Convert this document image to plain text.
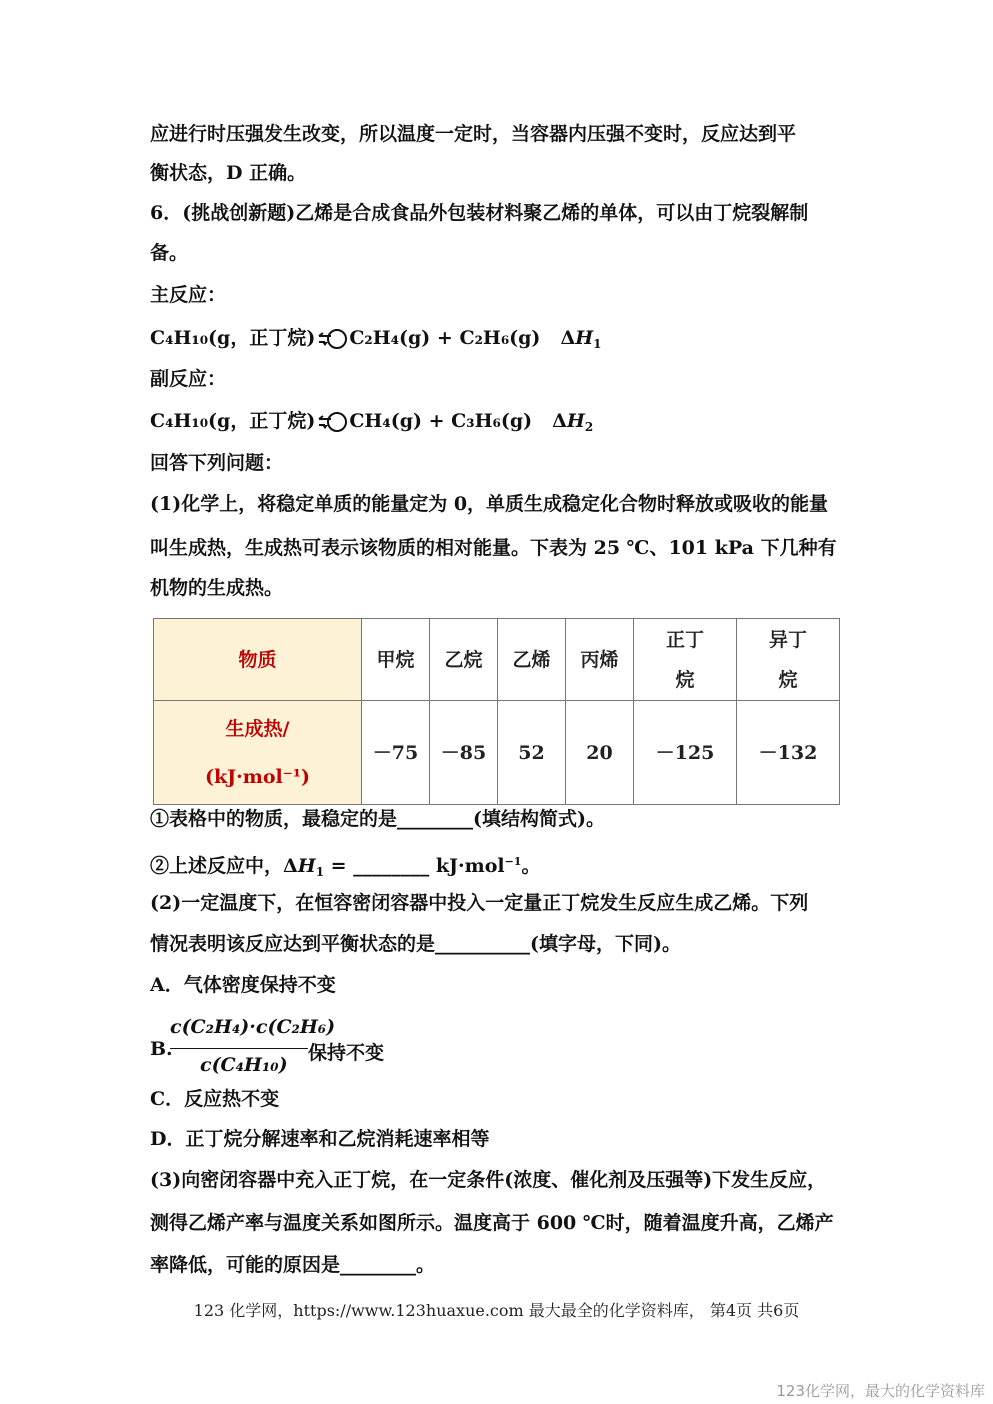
应进行时压强发生改变，所以温度一定时，当容器内压强不变时，反应达到平
衡状态，D 正确。
6．(挑战创新题)乙烯是合成食品外包装材料聚乙烯的单体，可以由丁烷裂解制
备。
主反应：
C₄H₁₀(g，正丁烷) C₂H₄(g) + C₂H₆(g) $\Delta H_1$
副反应：
C₄H₁₀(g，正丁烷) CH₄(g) + C₃H₆(g) $\Delta H_2$
回答下列问题：
(1)化学上，将稳定单质的能量定为 0，单质生成稳定化合物时释放或吸收的能量
叫生成热，生成热可表示该物质的相对能量。下表为 25 ℃、101 kPa 下几种有
机物的生成热。
物质	甲烷	乙烷	乙烯	丙烯	正丁烷	异丁烷

生成热/
(kJ·mol⁻¹)	－75	－85	52	20	－125	－132
①表格中的物质，最稳定的是________(填结构简式)。
②上述反应中，$\Delta H_1$ = ________ kJ·mol$^{-1}$。
(2)一定温度下，在恒容密闭容器中投入一定量正丁烷发生反应生成乙烯。下列
情况表明该反应达到平衡状态的是__________(填字母，下同)。
A．气体密度保持不变
B.
c(C₂H₄)·c(C₂H₆)
c(C₄H₁₀)
保持不变
C．反应热不变
D．正丁烷分解速率和乙烷消耗速率相等
(3)向密闭容器中充入正丁烷，在一定条件(浓度、催化剂及压强等)下发生反应，
测得乙烯产率与温度关系如图所示。温度高于 600 ℃时，随着温度升高，乙烯产
率降低，可能的原因是________。
123 化学网，https://www.123huaxue.com 最大最全的化学资料库， 第4页 共6页
123化学网，最大的化学资料库
